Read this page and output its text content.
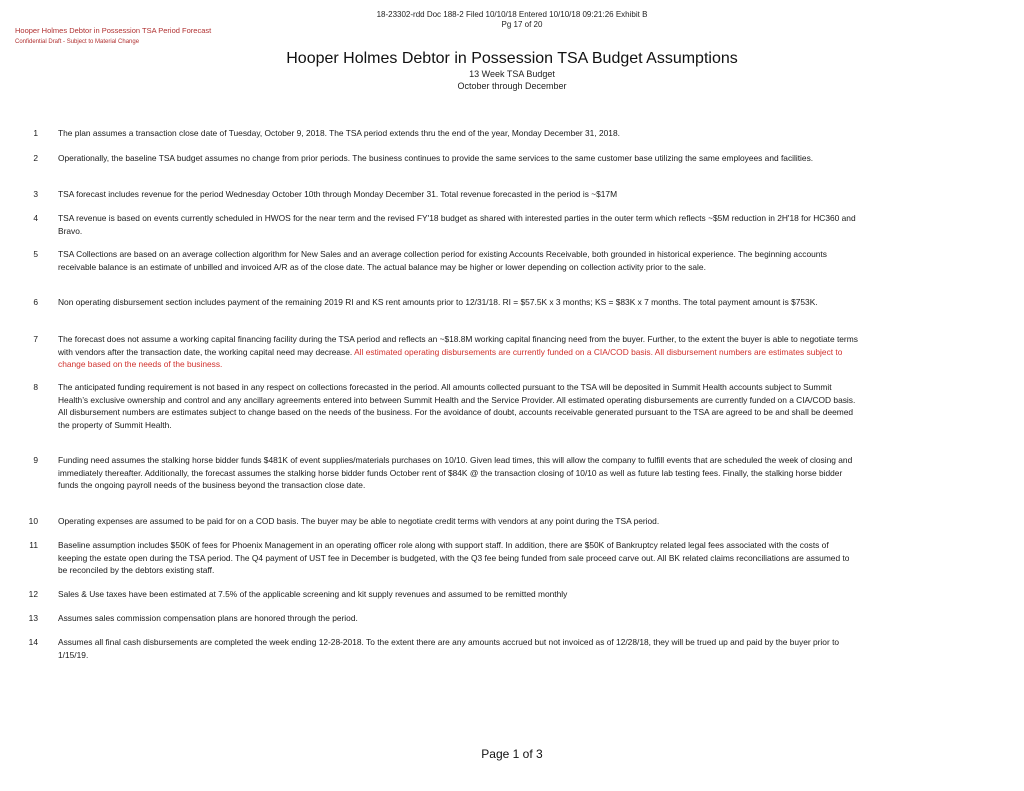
18-23302-rdd Doc 188-2 Filed 10/10/18 Entered 10/10/18 09:21:26 Exhibit B
Pg 17 of 20
Hooper Holmes Debtor in Possession TSA Period Forecast
Confidential Draft - Subject to Material Change
Hooper Holmes Debtor in Possession TSA Budget Assumptions
13 Week TSA Budget
October through December
1 The plan assumes a transaction close date of Tuesday, October 9, 2018. The TSA period extends thru the end of the year, Monday December 31, 2018.
2 Operationally, the baseline TSA budget assumes no change from prior periods. The business continues to provide the same services to the same customer base utilizing the same employees and facilities.
3 TSA forecast includes revenue for the period Wednesday October 10th through Monday December 31. Total revenue forecasted in the period is ~$17M
4 TSA revenue is based on events currently scheduled in HWOS for the near term and the revised FY'18 budget as shared with interested parties in the outer term which reflects ~$5M reduction in 2H'18 for HC360 and Bravo.
5 TSA Collections are based on an average collection algorithm for New Sales and an average collection period for existing Accounts Receivable, both grounded in historical experience. The beginning accounts receivable balance is an estimate of unbilled and invoiced A/R as of the close date. The actual balance may be higher or lower depending on collection activity prior to the sale.
6 Non operating disbursement section includes payment of the remaining 2019 RI and KS rent amounts prior to 12/31/18. RI = $57.5K x 3 months; KS = $83K x 7 months. The total payment amount is $753K.
7 The forecast does not assume a working capital financing facility during the TSA period and reflects an ~$18.8M working capital financing need from the buyer. Further, to the extent the buyer is able to negotiate terms with vendors after the transaction date, the working capital need may decrease. All estimated operating disbursements are currently funded on a CIA/COD basis. All disbursement numbers are estimates subject to change based on the needs of the business.
8 The anticipated funding requirement is not based in any respect on collections forecasted in the period. All amounts collected pursuant to the TSA will be deposited in Summit Health accounts subject to Summit Health’s exclusive ownership and control and any ancillary agreements entered into between Summit Health and the Service Provider. All estimated operating disbursements are currently funded on a CIA/COD basis. All disbursement numbers are estimates subject to change based on the needs of the business. For the avoidance of doubt, accounts receivable generated pursuant to the TSA are agreed to be and shall be deemed the property of Summit Health.
9 Funding need assumes the stalking horse bidder funds $481K of event supplies/materials purchases on 10/10. Given lead times, this will allow the company to fulfill events that are scheduled the week of closing and immediately thereafter. Additionally, the forecast assumes the stalking horse bidder funds October rent of $84K @ the transaction closing of 10/10 as well as future lab testing fees. Finally, the stalking horse bidder funds the ongoing payroll needs of the business beyond the transaction close date.
10 Operating expenses are assumed to be paid for on a COD basis. The buyer may be able to negotiate credit terms with vendors at any point during the TSA period.
11 Baseline assumption includes $50K of fees for Phoenix Management in an operating officer role along with support staff. In addition, there are $50K of Bankruptcy related legal fees associated with the costs of keeping the estate open during the TSA period. The Q4 payment of UST fee in December is budgeted, with the Q3 fee being funded from sale proceed carve out. All BK related claims reconciliations are assumed to be reconciled by the debtors existing staff.
12 Sales & Use taxes have been estimated at 7.5% of the applicable screening and kit supply revenues and assumed to be remitted monthly
13 Assumes sales commission compensation plans are honored through the period.
14 Assumes all final cash disbursements are completed the week ending 12-28-2018. To the extent there are any amounts accrued but not invoiced as of 12/28/18, they will be trued up and paid by the buyer prior to 1/15/19.
Page 1 of 3
